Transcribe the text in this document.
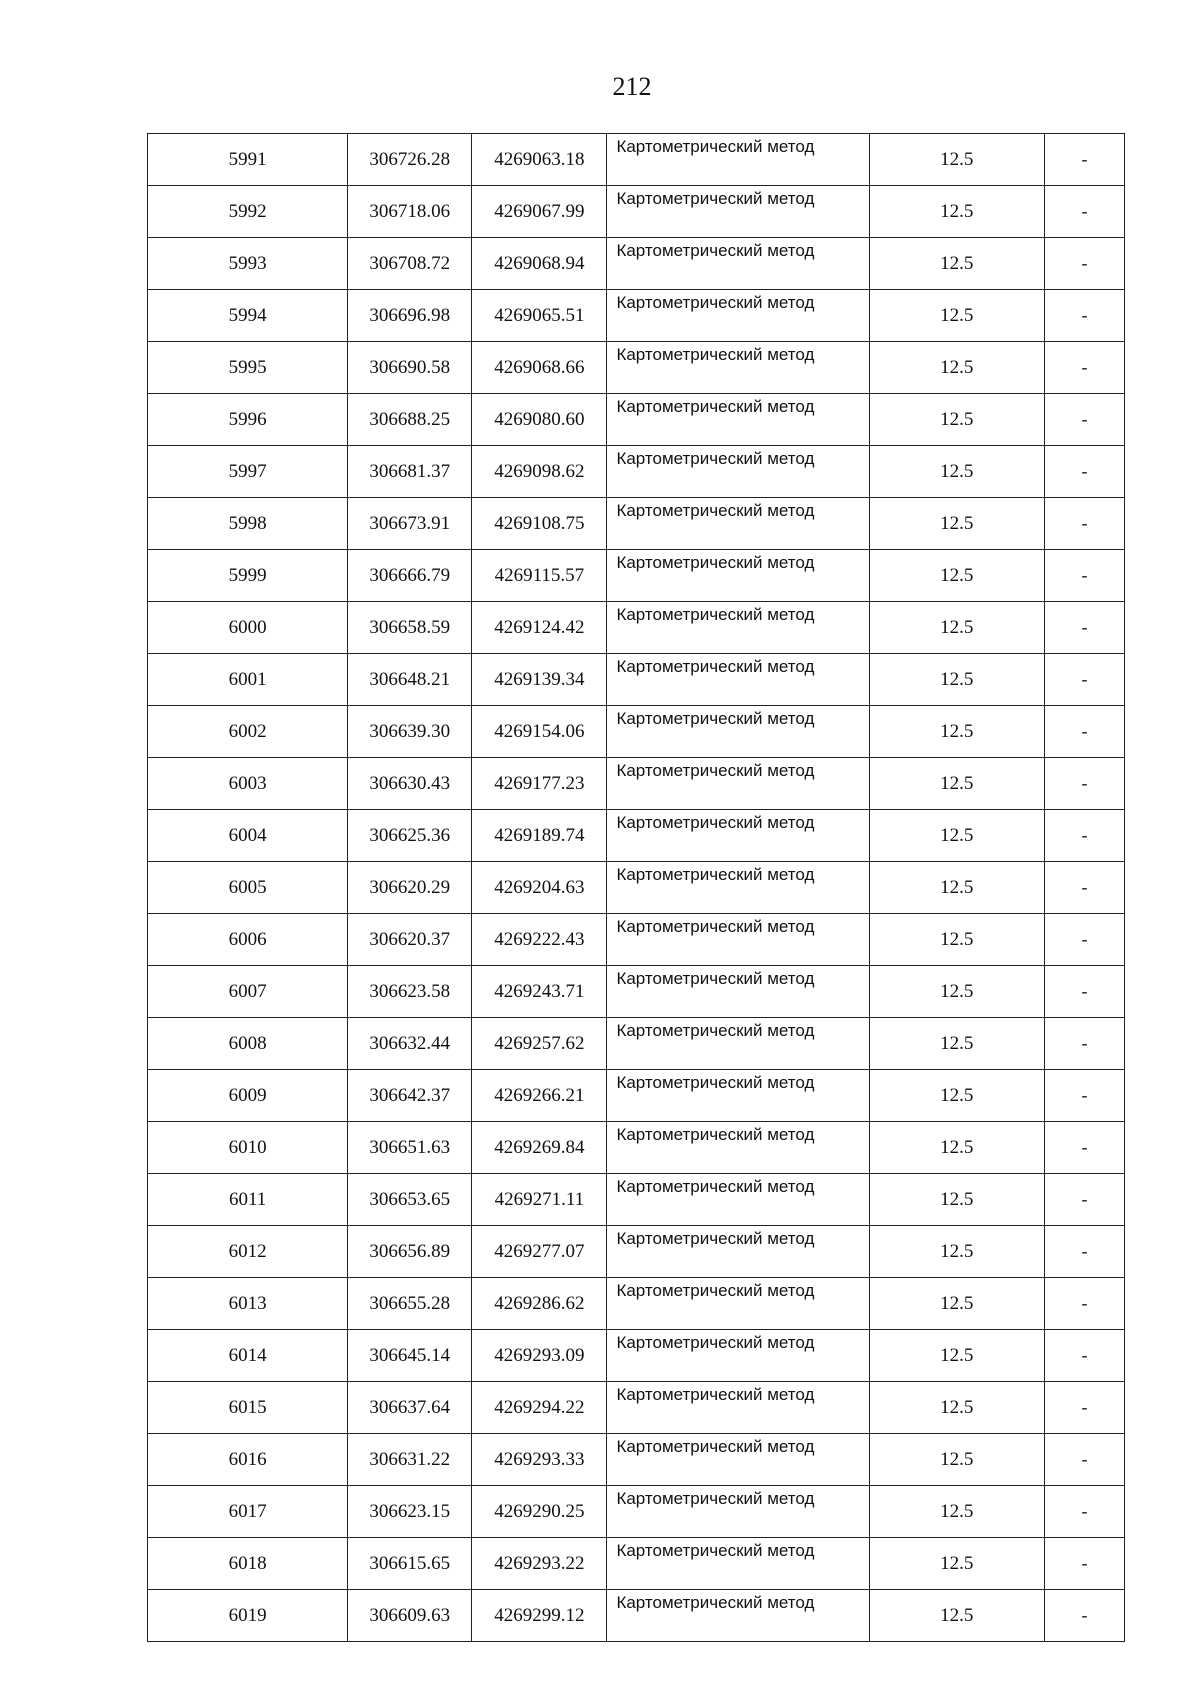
212
5991	306726.28	4269063.18	Картометрический метод	12.5	-
5992	306718.06	4269067.99	Картометрический метод	12.5	-
5993	306708.72	4269068.94	Картометрический метод	12.5	-
5994	306696.98	4269065.51	Картометрический метод	12.5	-
5995	306690.58	4269068.66	Картометрический метод	12.5	-
5996	306688.25	4269080.60	Картометрический метод	12.5	-
5997	306681.37	4269098.62	Картометрический метод	12.5	-
5998	306673.91	4269108.75	Картометрический метод	12.5	-
5999	306666.79	4269115.57	Картометрический метод	12.5	-
6000	306658.59	4269124.42	Картометрический метод	12.5	-
6001	306648.21	4269139.34	Картометрический метод	12.5	-
6002	306639.30	4269154.06	Картометрический метод	12.5	-
6003	306630.43	4269177.23	Картометрический метод	12.5	-
6004	306625.36	4269189.74	Картометрический метод	12.5	-
6005	306620.29	4269204.63	Картометрический метод	12.5	-
6006	306620.37	4269222.43	Картометрический метод	12.5	-
6007	306623.58	4269243.71	Картометрический метод	12.5	-
6008	306632.44	4269257.62	Картометрический метод	12.5	-
6009	306642.37	4269266.21	Картометрический метод	12.5	-
6010	306651.63	4269269.84	Картометрический метод	12.5	-
6011	306653.65	4269271.11	Картометрический метод	12.5	-
6012	306656.89	4269277.07	Картометрический метод	12.5	-
6013	306655.28	4269286.62	Картометрический метод	12.5	-
6014	306645.14	4269293.09	Картометрический метод	12.5	-
6015	306637.64	4269294.22	Картометрический метод	12.5	-
6016	306631.22	4269293.33	Картометрический метод	12.5	-
6017	306623.15	4269290.25	Картометрический метод	12.5	-
6018	306615.65	4269293.22	Картометрический метод	12.5	-
6019	306609.63	4269299.12	Картометрический метод	12.5	-
